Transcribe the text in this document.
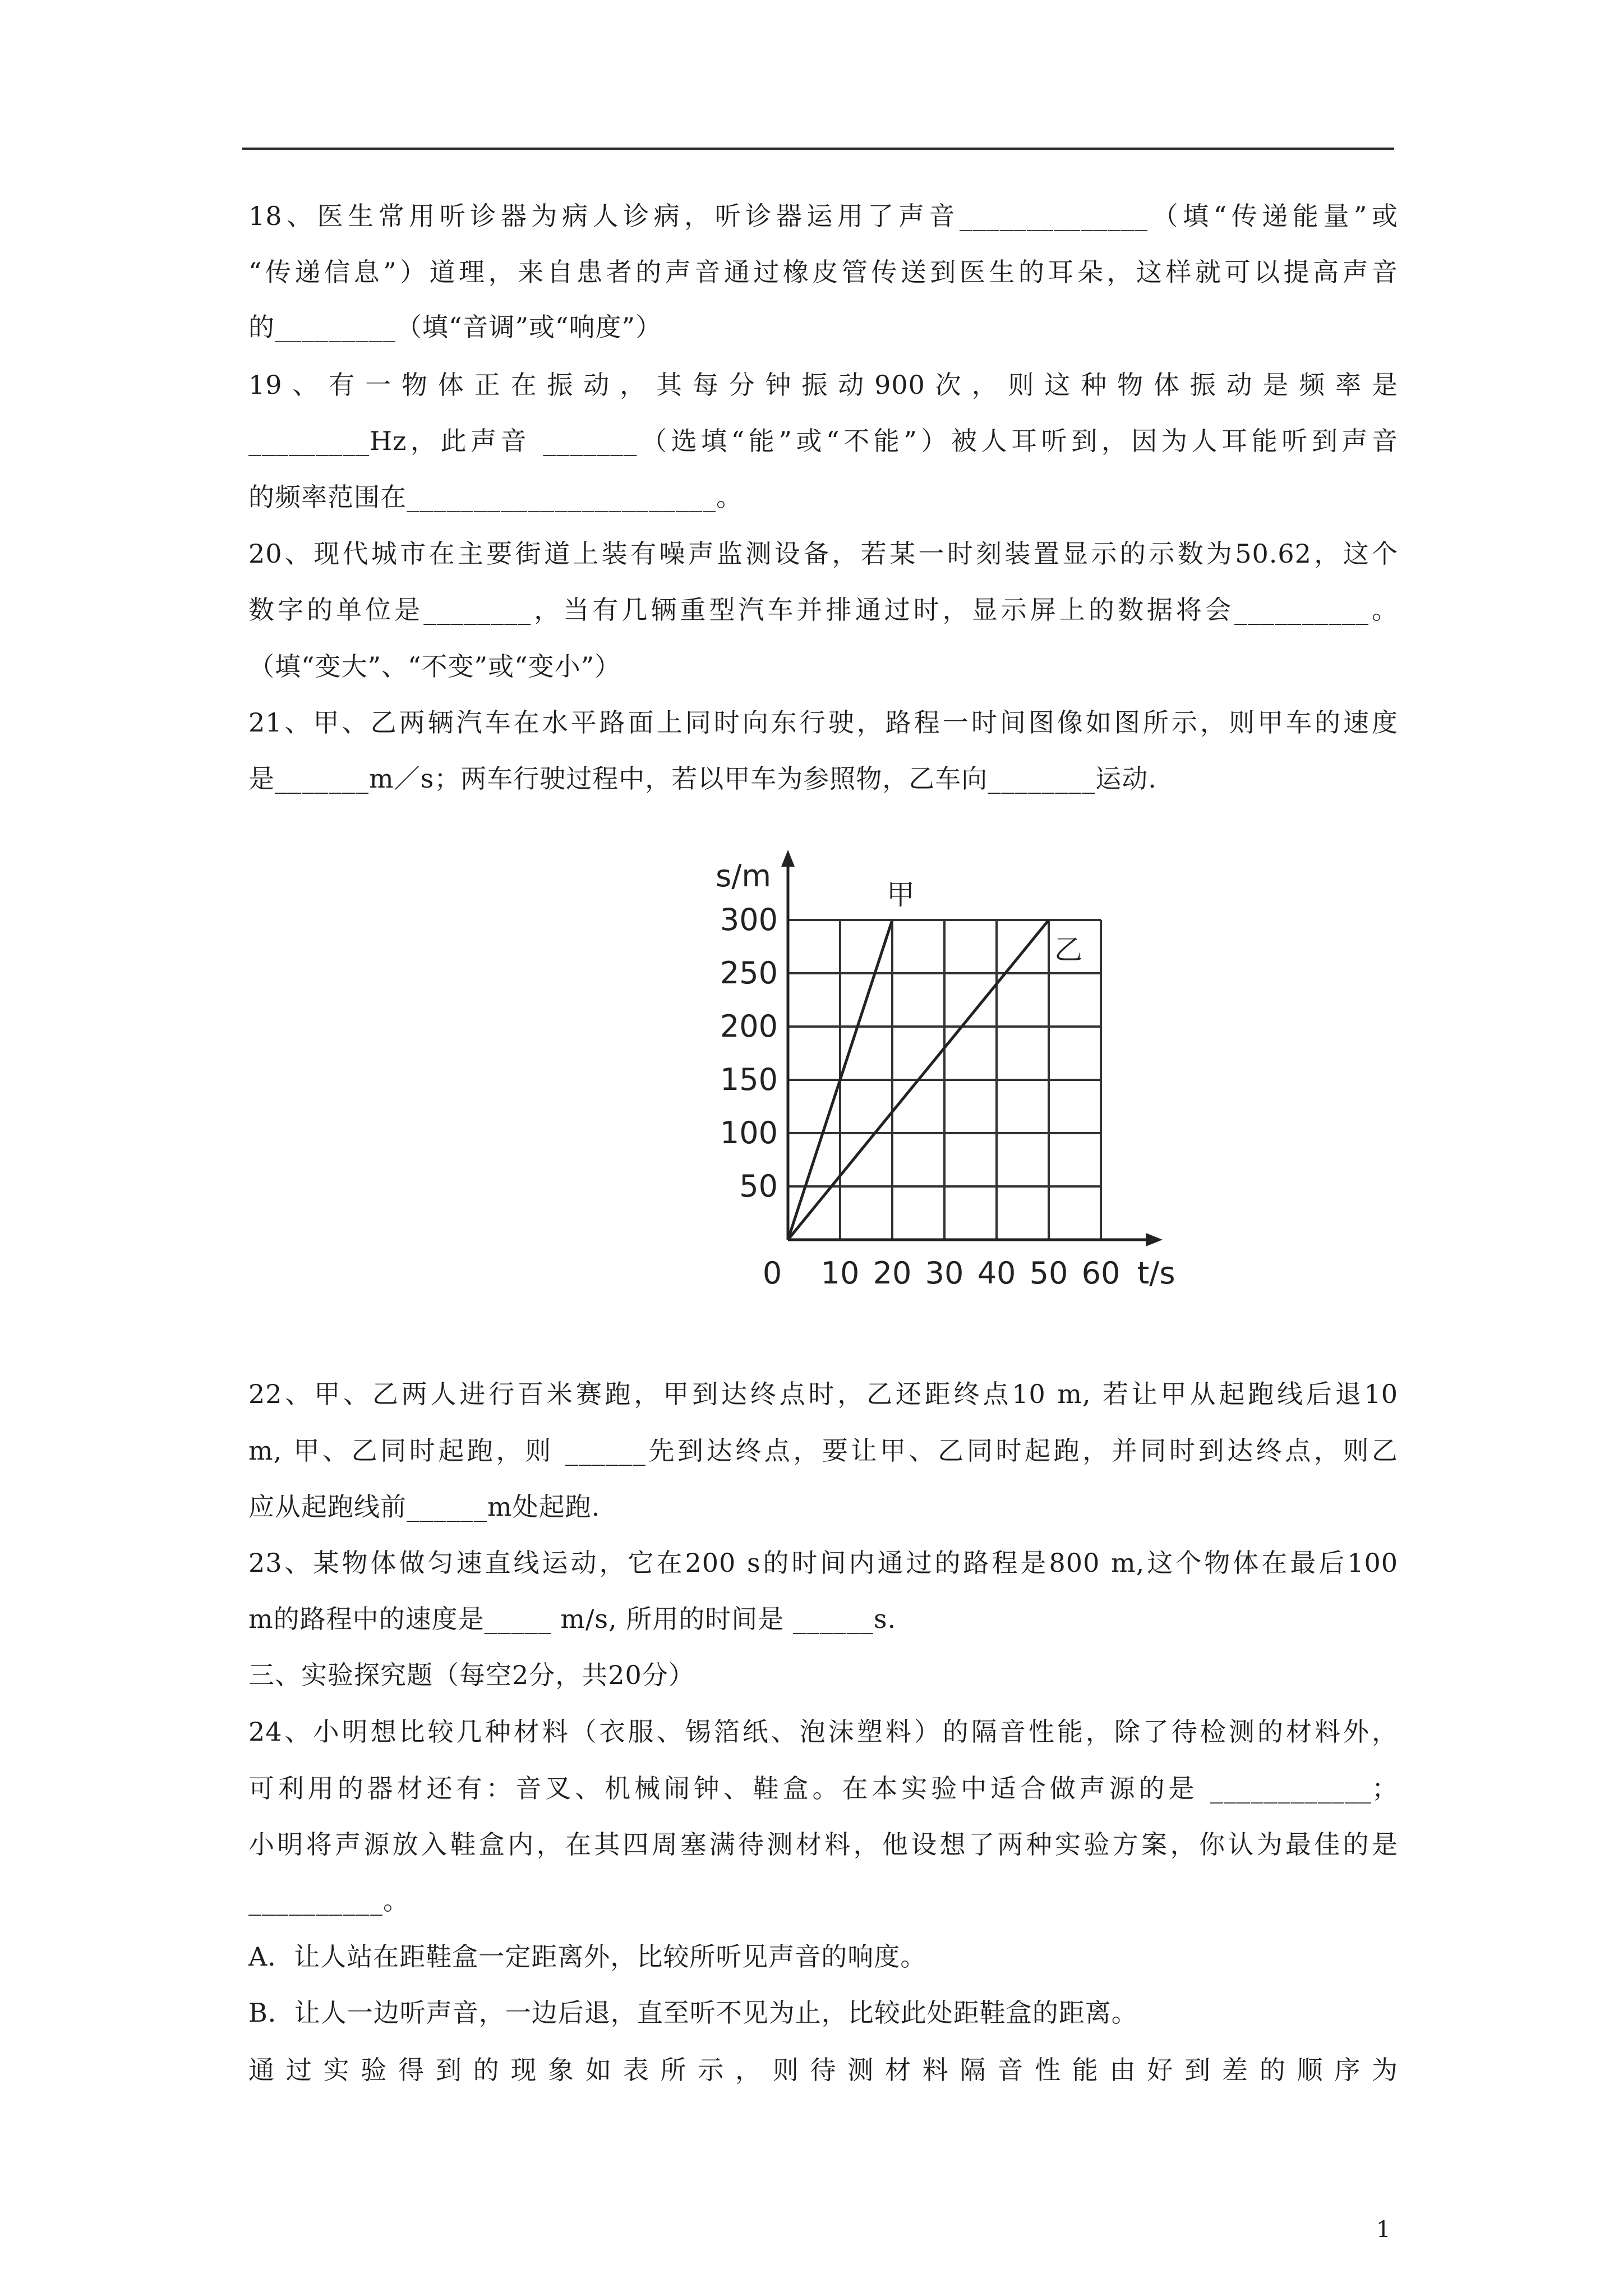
18、医生常用听诊器为病人诊病，听诊器运用了声音______________（填“传递能量”或
“传递信息”）道理，来自患者的声音通过橡皮管传送到医生的耳朵，这样就可以提高声音
的_________（填“音调”或“响度”）
19、有一物体正在振动，其每分钟振动900次，则这种物体振动是频率是
_________Hz，此声音 _______（选填“能”或“不能”）被人耳听到，因为人耳能听到声音
的频率范围在_______________________。
20、现代城市在主要街道上装有噪声监测设备，若某一时刻装置显示的示数为50.62，这个
数字的单位是________，当有几辆重型汽车并排通过时，显示屏上的数据将会__________。
（填“变大”、“不变”或“变小”）
21、甲、乙两辆汽车在水平路面上同时向东行驶，路程一时间图像如图所示，则甲车的速度
是_______m／s；两车行驶过程中，若以甲车为参照物，乙车向________运动.
22、甲、乙两人进行百米赛跑，甲到达终点时，乙还距终点10 m, 若让甲从起跑线后退10
m, 甲、乙同时起跑，则 ______先到达终点，要让甲、乙同时起跑，并同时到达终点，则乙
应从起跑线前______m处起跑.
23、某物体做匀速直线运动，它在200 s的时间内通过的路程是800 m,这个物体在最后100
m的路程中的速度是_____ m/s, 所用的时间是 ______s.
三、实验探究题（每空2分，共20分）
24、小明想比较几种材料（衣服、锡箔纸、泡沫塑料）的隔音性能，除了待检测的材料外，
可利用的器材还有：音叉、机械闹钟、鞋盒。在本实验中适合做声源的是 ____________；
小明将声源放入鞋盒内，在其四周塞满待测材料，他设想了两种实验方案，你认为最佳的是
__________。
A．让人站在距鞋盒一定距离外，比较所听见声音的响度。
B．让人一边听声音，一边后退，直至听不见为止，比较此处距鞋盒的距离。
通过实验得到的现象如表所示，则待测材料隔音性能由好到差的顺序为
50
100
150
200
250
300
0 10 20 30 40 50 60 t/s
s/m
甲
乙
1
